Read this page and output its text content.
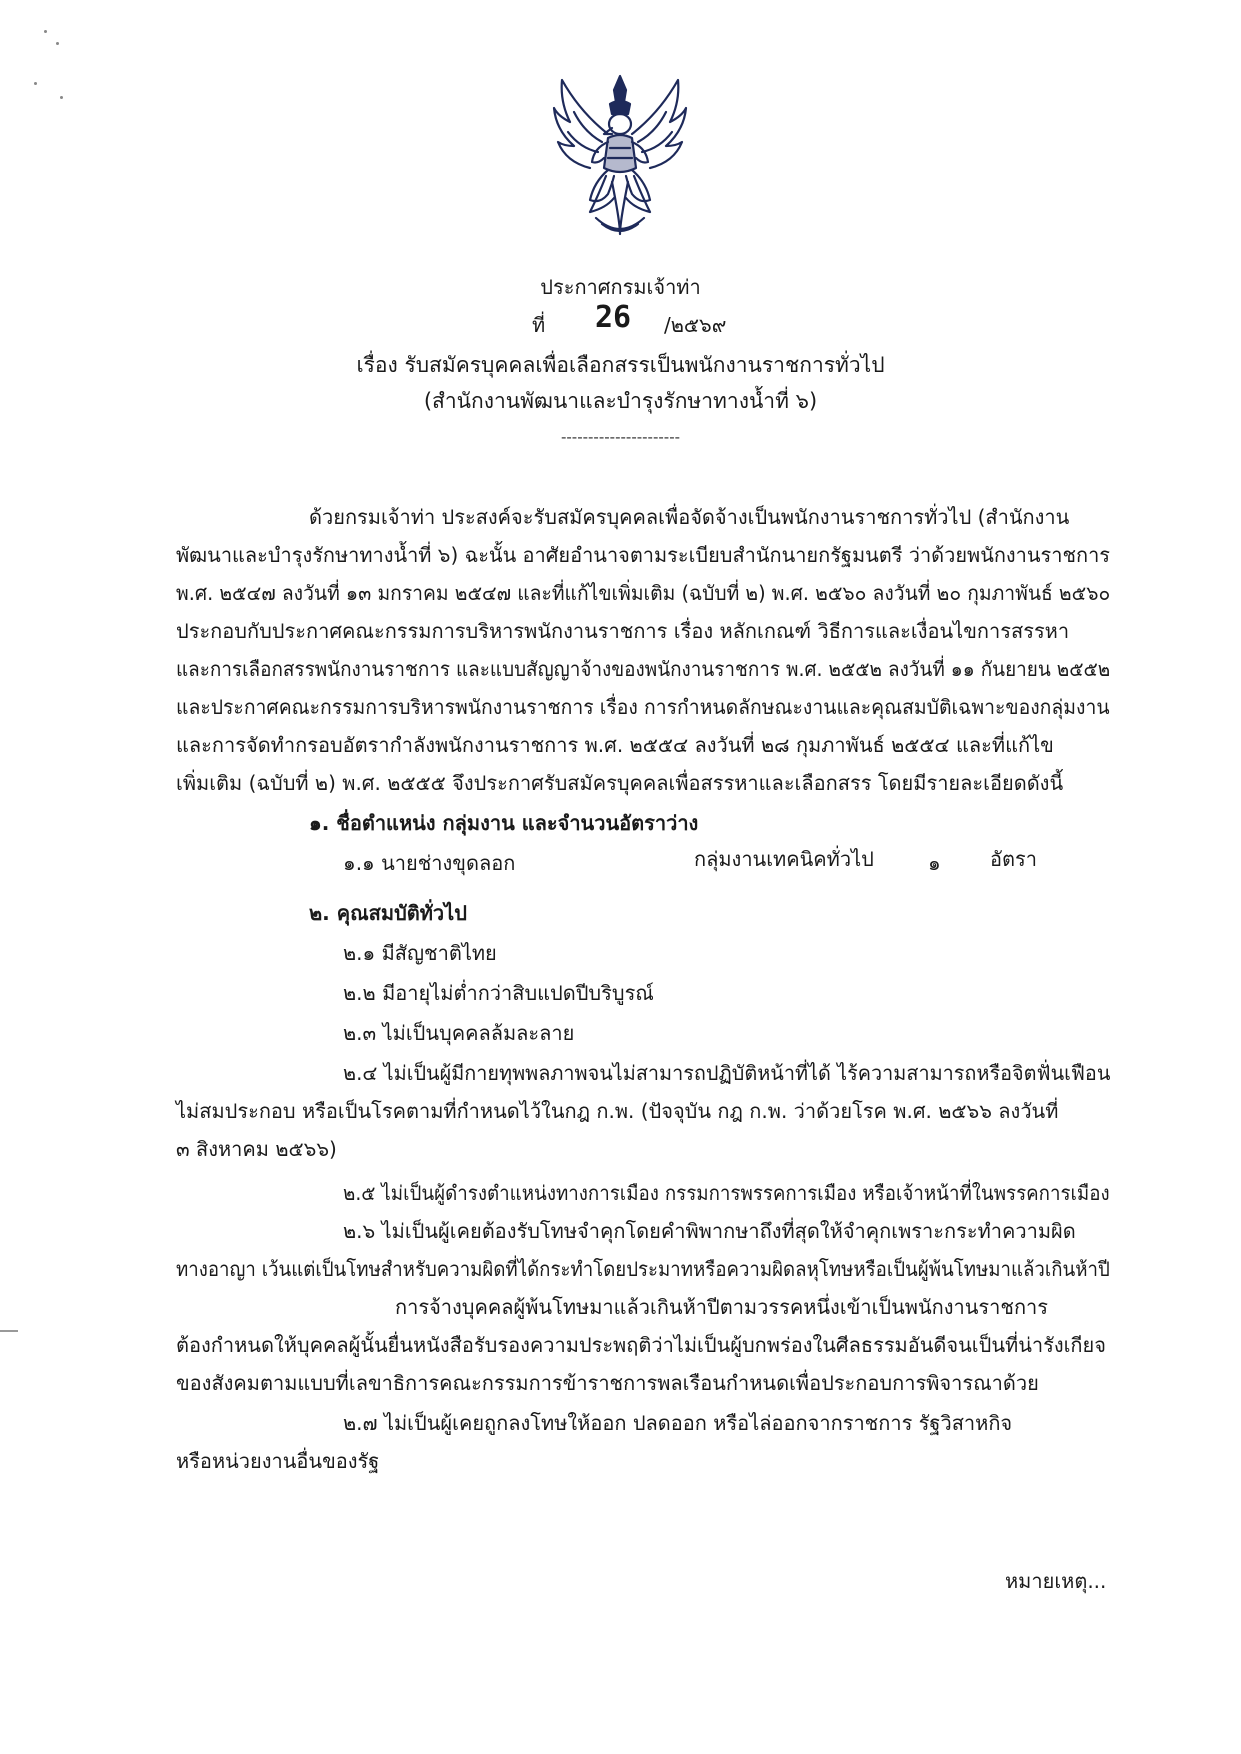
ประกาศกรมเจ้าท่า
ที่ 26 /๒๕๖๙
เรื่อง รับสมัครบุคคลเพื่อเลือกสรรเป็นพนักงานราชการทั่วไป
(สำนักงานพัฒนาและบำรุงรักษาทางน้ำที่ ๖)
----------------------
ด้วยกรมเจ้าท่า ประสงค์จะรับสมัครบุคคลเพื่อจัดจ้างเป็นพนักงานราชการทั่วไป (สำนักงาน
พัฒนาและบำรุงรักษาทางน้ำที่ ๖) ฉะนั้น อาศัยอำนาจตามระเบียบสำนักนายกรัฐมนตรี ว่าด้วยพนักงานราชการ
พ.ศ. ๒๕๔๗ ลงวันที่ ๑๓ มกราคม ๒๕๔๗ และที่แก้ไขเพิ่มเติม (ฉบับที่ ๒) พ.ศ. ๒๕๖๐ ลงวันที่ ๒๐ กุมภาพันธ์ ๒๕๖๐
ประกอบกับประกาศคณะกรรมการบริหารพนักงานราชการ เรื่อง หลักเกณฑ์ วิธีการและเงื่อนไขการสรรหา
และการเลือกสรรพนักงานราชการ และแบบสัญญาจ้างของพนักงานราชการ พ.ศ. ๒๕๕๒ ลงวันที่ ๑๑ กันยายน ๒๕๕๒
และประกาศคณะกรรมการบริหารพนักงานราชการ เรื่อง การกำหนดลักษณะงานและคุณสมบัติเฉพาะของกลุ่มงาน
และการจัดทำกรอบอัตรากำลังพนักงานราชการ พ.ศ. ๒๕๕๔ ลงวันที่ ๒๘ กุมภาพันธ์ ๒๕๕๔ และที่แก้ไข
เพิ่มเติม (ฉบับที่ ๒) พ.ศ. ๒๕๕๕ จึงประกาศรับสมัครบุคคลเพื่อสรรหาและเลือกสรร โดยมีรายละเอียดดังนี้
๑. ชื่อตำแหน่ง กลุ่มงาน และจำนวนอัตราว่าง
๑.๑ นายช่างขุดลอก	กลุ่มงานเทคนิคทั่วไป	๑ อัตรา
๒. คุณสมบัติทั่วไป
๒.๑ มีสัญชาติไทย
๒.๒ มีอายุไม่ต่ำกว่าสิบแปดปีบริบูรณ์
๒.๓ ไม่เป็นบุคคลล้มละลาย
๒.๔ ไม่เป็นผู้มีกายทุพพลภาพจนไม่สามารถปฏิบัติหน้าที่ได้ ไร้ความสามารถหรือจิตฟั่นเฟือน
ไม่สมประกอบ หรือเป็นโรคตามที่กำหนดไว้ในกฎ ก.พ. (ปัจจุบัน กฎ ก.พ. ว่าด้วยโรค พ.ศ. ๒๕๖๖ ลงวันที่
๓ สิงหาคม ๒๕๖๖)
๒.๕ ไม่เป็นผู้ดำรงตำแหน่งทางการเมือง กรรมการพรรคการเมือง หรือเจ้าหน้าที่ในพรรคการเมือง
๒.๖ ไม่เป็นผู้เคยต้องรับโทษจำคุกโดยคำพิพากษาถึงที่สุดให้จำคุกเพราะกระทำความผิด
ทางอาญา เว้นแต่เป็นโทษสำหรับความผิดที่ได้กระทำโดยประมาทหรือความผิดลหุโทษหรือเป็นผู้พ้นโทษมาแล้วเกินห้าปี
การจ้างบุคคลผู้พ้นโทษมาแล้วเกินห้าปีตามวรรคหนึ่งเข้าเป็นพนักงานราชการ
ต้องกำหนดให้บุคคลผู้นั้นยื่นหนังสือรับรองความประพฤติว่าไม่เป็นผู้บกพร่องในศีลธรรมอันดีจนเป็นที่น่ารังเกียจ
ของสังคมตามแบบที่เลขาธิการคณะกรรมการข้าราชการพลเรือนกำหนดเพื่อประกอบการพิจารณาด้วย
๒.๗ ไม่เป็นผู้เคยถูกลงโทษให้ออก ปลดออก หรือไล่ออกจากราชการ รัฐวิสาหกิจ
หรือหน่วยงานอื่นของรัฐ
หมายเหตุ...
